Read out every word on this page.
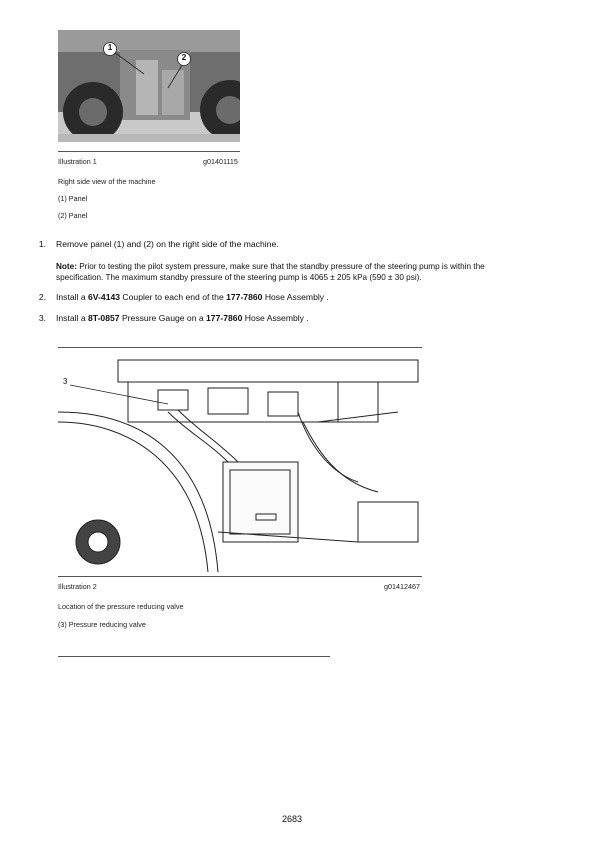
1
2
Illustration 1	g01401115
Right side view of the machine
(1) Panel
(2) Panel
1. Remove panel (1) and (2) on the right side of the machine.
Note: Prior to testing the pilot system pressure, make sure that the standby pressure of the steering pump is within the
specification. The maximum standby pressure of the steering pump is 4065 ± 205 kPa (590 ± 30 psi).
2. Install a 6V-4143 Coupler to each end of the 177-7860 Hose Assembly .
3. Install a 8T-0857 Pressure Gauge on a 177-7860 Hose Assembly .
3
Illustration 2	g01412467
Location of the pressure reducing valve
(3) Pressure reducing valve
2683
